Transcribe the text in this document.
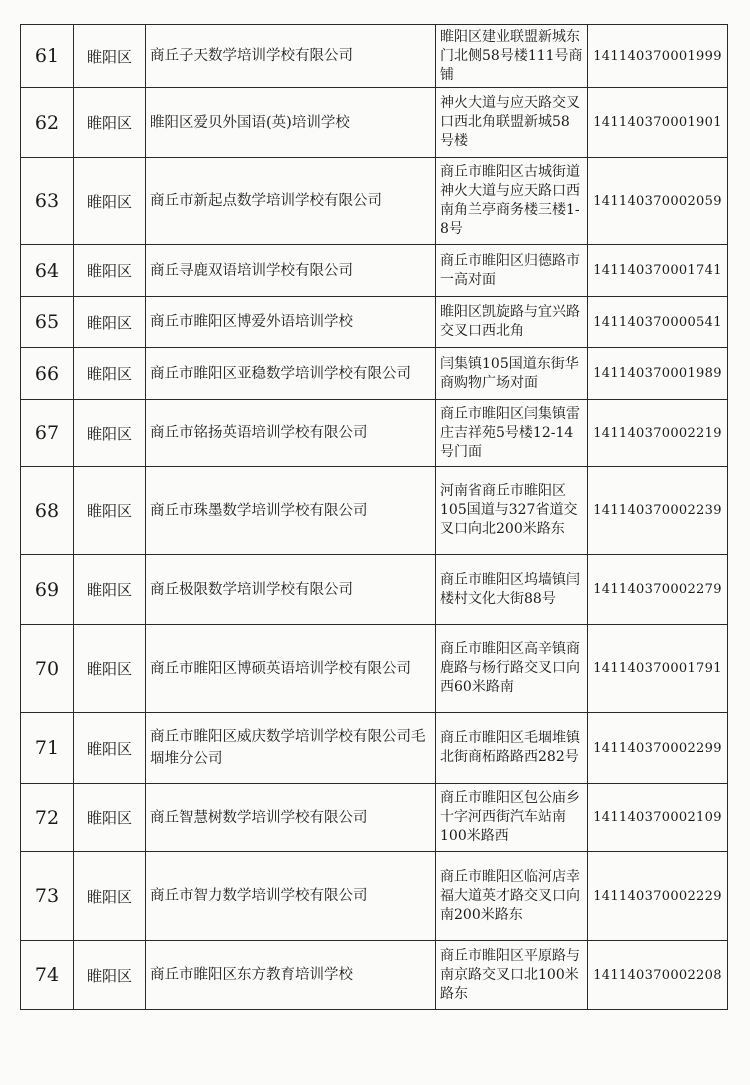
61	睢阳区	商丘子天数学培训学校有限公司	睢阳区建业联盟新城东门北侧58号楼111号商铺	141140370001999
62	睢阳区	睢阳区爱贝外国语(英)培训学校	神火大道与应天路交叉口西北角联盟新城58号楼	141140370001901
63	睢阳区	商丘市新起点数学培训学校有限公司	商丘市睢阳区古城街道神火大道与应天路口西南角兰亭商务楼三楼1-8号	141140370002059
64	睢阳区	商丘寻鹿双语培训学校有限公司	商丘市睢阳区归德路市一高对面	141140370001741
65	睢阳区	商丘市睢阳区博爱外语培训学校	睢阳区凯旋路与宜兴路交叉口西北角	141140370000541
66	睢阳区	商丘市睢阳区亚稳数学培训学校有限公司	闫集镇105国道东街华商购物广场对面	141140370001989
67	睢阳区	商丘市铭扬英语培训学校有限公司	商丘市睢阳区闫集镇雷庄吉祥苑5号楼12-14号门面	141140370002219
68	睢阳区	商丘市珠墨数学培训学校有限公司	河南省商丘市睢阳区105国道与327省道交叉口向北200米路东	141140370002239
69	睢阳区	商丘极限数学培训学校有限公司	商丘市睢阳区坞墙镇闫楼村文化大街88号	141140370002279
70	睢阳区	商丘市睢阳区博硕英语培训学校有限公司	商丘市睢阳区高辛镇商鹿路与杨行路交叉口向西60米路南	141140370001791
71	睢阳区	商丘市睢阳区威庆数学培训学校有限公司毛堌堆分公司	商丘市睢阳区毛堌堆镇北街商柘路路西282号	141140370002299
72	睢阳区	商丘智慧树数学培训学校有限公司	商丘市睢阳区包公庙乡十字河西街汽车站南100米路西	141140370002109
73	睢阳区	商丘市智力数学培训学校有限公司	商丘市睢阳区临河店幸福大道英才路交叉口向南200米路东	141140370002229
74	睢阳区	商丘市睢阳区东方教育培训学校	商丘市睢阳区平原路与南京路交叉口北100米路东	141140370002208
